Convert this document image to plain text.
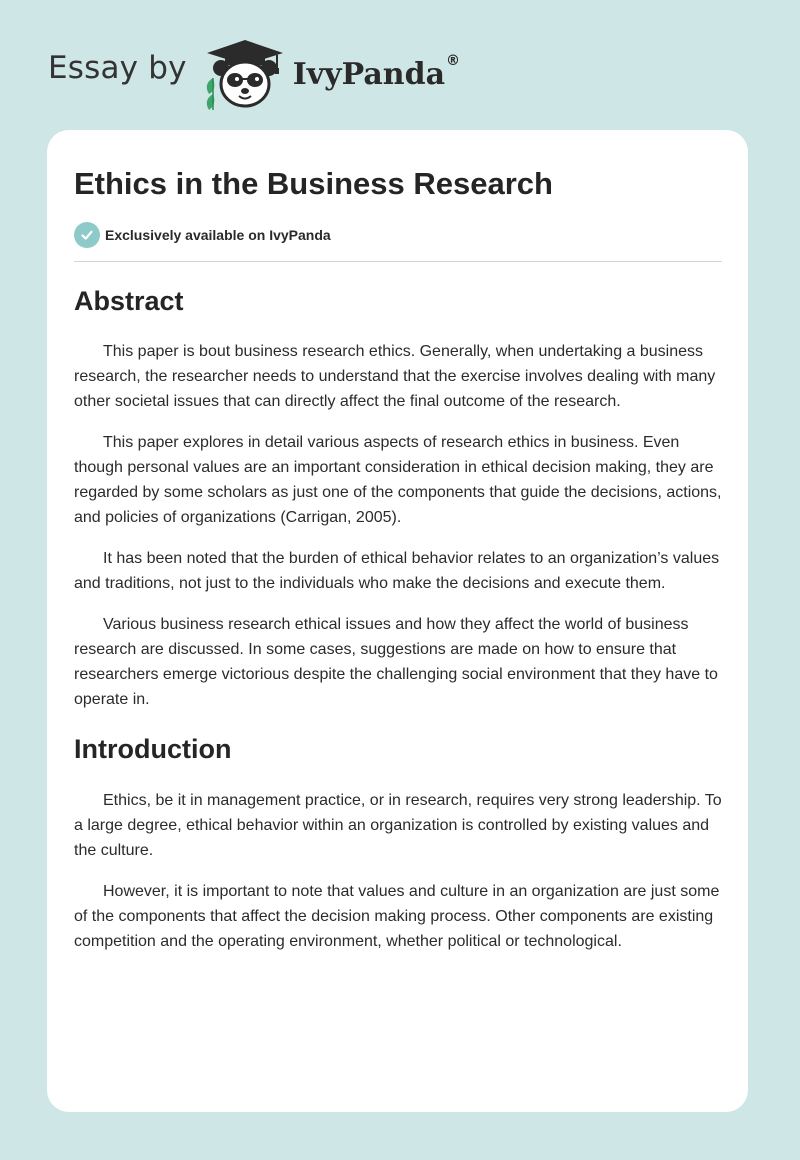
Essay by	IvyPanda®
Ethics in the Business Research
Exclusively available on IvyPanda
Abstract

This paper is bout business research ethics. Generally, when undertaking a business research, the researcher needs to understand that the exercise involves dealing with many other societal issues that can directly affect the final outcome of the research.

This paper explores in detail various aspects of research ethics in business. Even though personal values are an important consideration in ethical decision making, they are regarded by some scholars as just one of the components that guide the decisions, actions, and policies of organizations (Carrigan, 2005).

It has been noted that the burden of ethical behavior relates to an organization’s values and traditions, not just to the individuals who make the decisions and execute them.

Various business research ethical issues and how they affect the world of business research are discussed. In some cases, suggestions are made on how to ensure that researchers emerge victorious despite the challenging social environment that they have to operate in.

Introduction

Ethics, be it in management practice, or in research, requires very strong leadership. To a large degree, ethical behavior within an organization is controlled by existing values and the culture.

However, it is important to note that values and culture in an organization are just some of the components that affect the decision making process. Other components are existing competition and the operating environment, whether political or technological.
